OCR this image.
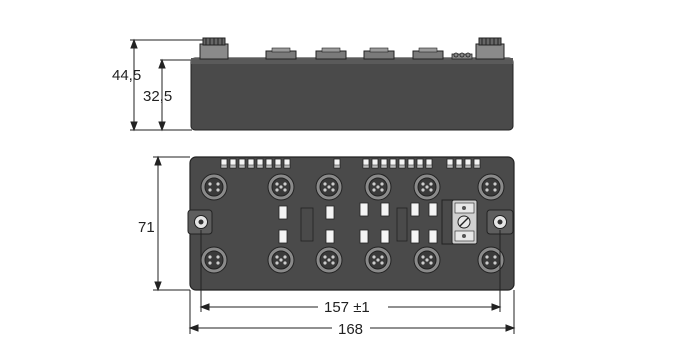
44,5
32,5
71
157 ±1
168
